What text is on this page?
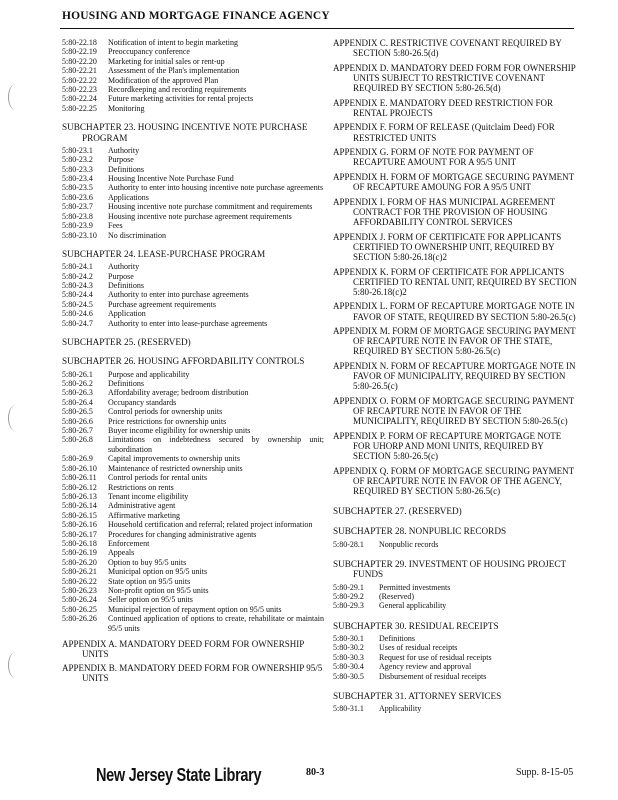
HOUSING AND MORTGAGE FINANCE AGENCY
5:80-22.18	Notification of intent to begin marketing
5:80-22.19	Preoccupancy conference
5:80-22.20	Marketing for initial sales or rent-up
5:80-22.21	Assessment of the Plan's implementation
5:80-22.22	Modification of the approved Plan
5:80-22.23	Recordkeeping and recording requirements
5:80-22.24	Future marketing activities for rental projects
5:80-22.25	Monitoring
SUBCHAPTER 23. HOUSING INCENTIVE NOTE PURCHASE PROGRAM
5:80-23.1	Authority
5:80-23.2	Purpose
5:80-23.3	Definitions
5:80-23.4	Housing Incentive Note Purchase Fund
5:80-23.5	Authority to enter into housing incentive note purchase agreements
5:80-23.6	Applications
5:80-23.7	Housing incentive note purchase commitment and requirements
5:80-23.8	Housing incentive note purchase agreement requirements
5:80-23.9	Fees
5:80-23.10	No discrimination
SUBCHAPTER 24. LEASE-PURCHASE PROGRAM
5:80-24.1	Authority
5:80-24.2	Purpose
5:80-24.3	Definitions
5:80-24.4	Authority to enter into purchase agreements
5:80-24.5	Purchase agreement requirements
5:80-24.6	Application
5:80-24.7	Authority to enter into lease-purchase agreements
SUBCHAPTER 25. (RESERVED)
SUBCHAPTER 26. HOUSING AFFORDABILITY CONTROLS
5:80-26.1	Purpose and applicability
5:80-26.2	Definitions
5:80-26.3	Affordability average; bedroom distribution
5:80-26.4	Occupancy standards
5:80-26.5	Control periods for ownership units
5:80-26.6	Price restrictions for ownership units
5:80-26.7	Buyer income eligibility for ownership units
5:80-26.8	Limitations on indebtedness secured by ownership unit; subordination
5:80-26.9	Capital improvements to ownership units
5:80-26.10	Maintenance of restricted ownership units
5:80-26.11	Control periods for rental units
5:80-26.12	Restrictions on rents
5:80-26.13	Tenant income eligibility
5:80-26.14	Administrative agent
5:80-26.15	Affirmative marketing
5:80-26.16	Household certification and referral; related project information
5:80-26.17	Procedures for changing administrative agents
5:80-26.18	Enforcement
5:80-26.19	Appeals
5:80-26.20	Option to buy 95/5 units
5:80-26.21	Municipal option on 95/5 units
5:80-26.22	State option on 95/5 units
5:80-26.23	Non-profit option on 95/5 units
5:80-26.24	Seller option on 95/5 units
5:80-26.25	Municipal rejection of repayment option on 95/5 units
5:80-26.26	Continued application of options to create, rehabilitate or maintain 95/5 units
APPENDIX A. MANDATORY DEED FORM FOR OWNERSHIP UNITS
APPENDIX B. MANDATORY DEED FORM FOR OWNERSHIP 95/5 UNITS
APPENDIX C. RESTRICTIVE COVENANT REQUIRED BY SECTION 5:80-26.5(d)
APPENDIX D. MANDATORY DEED FORM FOR OWNERSHIP UNITS SUBJECT TO RESTRICTIVE COVENANT REQUIRED BY SECTION 5:80-26.5(d)
APPENDIX E. MANDATORY DEED RESTRICTION FOR RENTAL PROJECTS
APPENDIX F. FORM OF RELEASE (Quitclaim Deed) FOR RESTRICTED UNITS
APPENDIX G. FORM OF NOTE FOR PAYMENT OF RECAPTURE AMOUNT FOR A 95/5 UNIT
APPENDIX H. FORM OF MORTGAGE SECURING PAYMENT OF RECAPTURE AMOUNG FOR A 95/5 UNIT
APPENDIX I. FORM OF HAS MUNICIPAL AGREEMENT CONTRACT FOR THE PROVISION OF HOUSING AFFORDABILITY CONTROL SERVICES
APPENDIX J. FORM OF CERTIFICATE FOR APPLICANTS CERTIFIED TO OWNERSHIP UNIT, REQUIRED BY SECTION 5:80-26.18(c)2
APPENDIX K. FORM OF CERTIFICATE FOR APPLICANTS CERTIFIED TO RENTAL UNIT, REQUIRED BY SECTION 5:80-26.18(c)2
APPENDIX L. FORM OF RECAPTURE MORTGAGE NOTE IN FAVOR OF STATE, REQUIRED BY SECTION 5:80-26.5(c)
APPENDIX M. FORM OF MORTGAGE SECURING PAYMENT OF RECAPTURE NOTE IN FAVOR OF THE STATE, REQUIRED BY SECTION 5:80-26.5(c)
APPENDIX N. FORM OF RECAPTURE MORTGAGE NOTE IN FAVOR OF MUNICIPALITY, REQUIRED BY SECTION 5:80-26.5(c)
APPENDIX O. FORM OF MORTGAGE SECURING PAYMENT OF RECAPTURE NOTE IN FAVOR OF THE MUNICIPALITY, REQUIRED BY SECTION 5:80-26.5(c)
APPENDIX P. FORM OF RECAPTURE MORTGAGE NOTE FOR UHORP AND MONI UNITS, REQUIRED BY SECTION 5:80-26.5(c)
APPENDIX Q. FORM OF MORTGAGE SECURING PAYMENT OF RECAPTURE NOTE IN FAVOR OF THE AGENCY, REQUIRED BY SECTION 5:80-26.5(c)
SUBCHAPTER 27. (RESERVED)
SUBCHAPTER 28. NONPUBLIC RECORDS
5:80-28.1	Nonpublic records
SUBCHAPTER 29. INVESTMENT OF HOUSING PROJECT FUNDS
5:80-29.1	Permitted investments
5:80-29.2	(Reserved)
5:80-29.3	General applicability
SUBCHAPTER 30. RESIDUAL RECEIPTS
5:80-30.1	Definitions
5:80-30.2	Uses of residual receipts
5:80-30.3	Request for use of residual receipts
5:80-30.4	Agency review and approval
5:80-30.5	Disbursement of residual receipts
SUBCHAPTER 31. ATTORNEY SERVICES
5:80-31.1	Applicability
New Jersey State Library	80-3	Supp. 8-15-05
